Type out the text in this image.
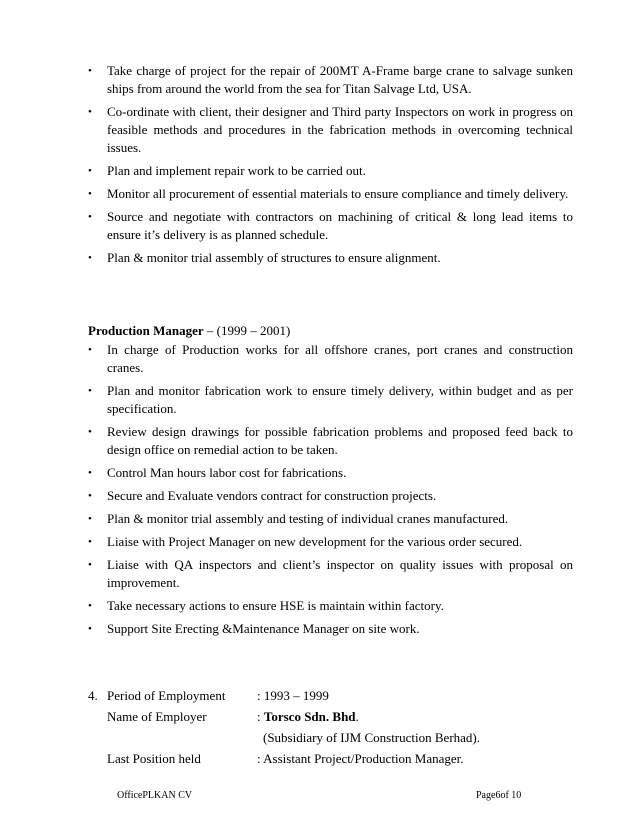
•	Take charge of project for the repair of 200MT A-Frame barge crane to salvage sunken ships from around the world from the sea for Titan Salvage Ltd, USA.
•	Co-ordinate with client, their designer and Third party Inspectors on work in progress on feasible methods and procedures in the fabrication methods in overcoming technical issues.
•	Plan and implement repair work to be carried out.
•	Monitor all procurement of essential materials to ensure compliance and timely delivery.
•	Source and negotiate with contractors on machining of critical & long lead items to ensure it’s delivery is as planned schedule.
•	Plan & monitor trial assembly of structures to ensure alignment.
Production Manager – (1999 – 2001)
•	In charge of Production works for all offshore cranes, port cranes and construction cranes.
•	Plan and monitor fabrication work to ensure timely delivery, within budget and as per specification.
•	Review design drawings for possible fabrication problems and proposed feed back to design office on remedial action to be taken.
•	Control Man hours labor cost for fabrications.
•	Secure and Evaluate vendors contract for construction projects.
•	Plan & monitor trial assembly and testing of individual cranes manufactured.
•	Liaise with Project Manager on new development for the various order secured.
•	Liaise with QA inspectors and client’s inspector on quality issues with proposal on improvement.
•	Take necessary actions to ensure HSE is maintain within factory.
•	Support Site Erecting &Maintenance Manager on site work.
4. Period of Employment : 1993 – 1999
Name of Employer	: Torsco Sdn. Bhd.
(Subsidiary of IJM Construction Berhad).
Last Position held	: Assistant Project/Production Manager.
OfficePLKAN CV	Page6of 10
